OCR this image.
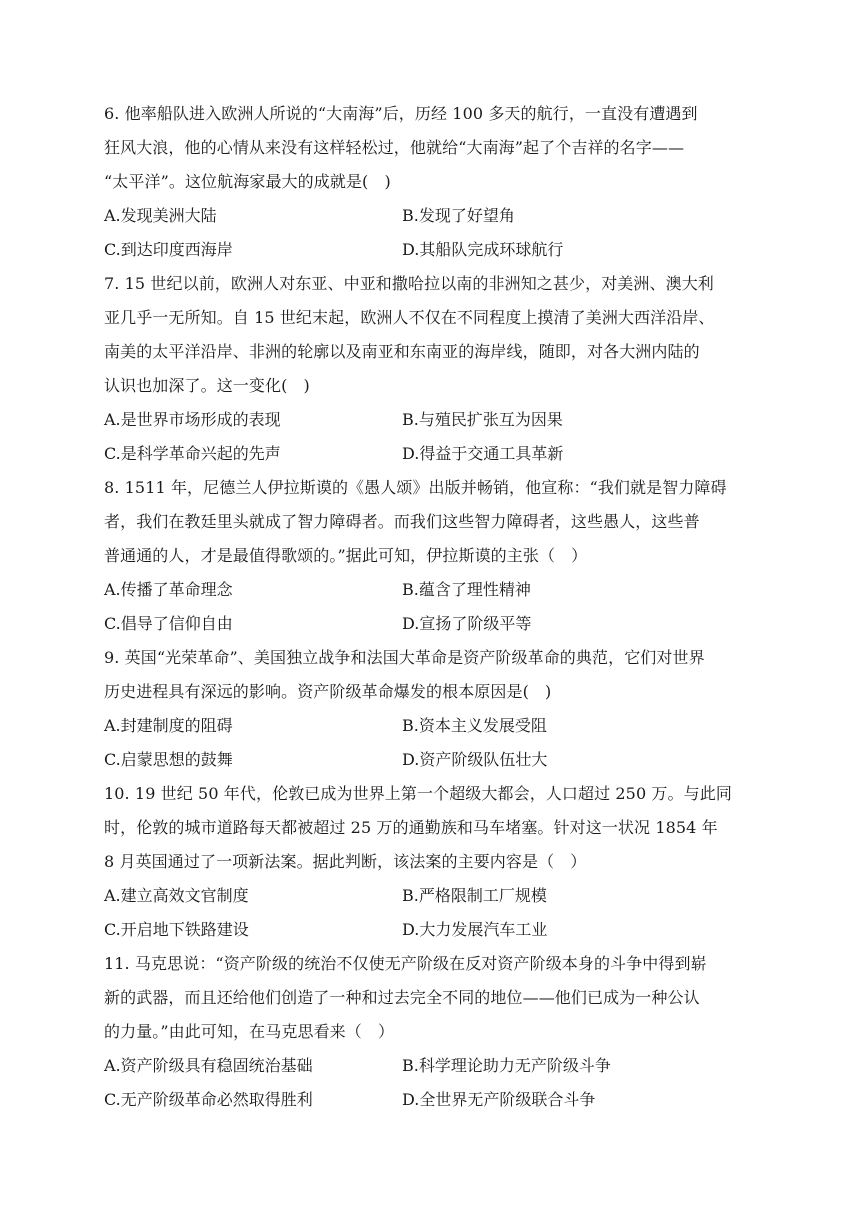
6. 他率船队进入欧洲人所说的“大南海”后，历经 100 多天的航行，一直没有遭遇到
狂风大浪，他的心情从来没有这样轻松过，他就给“大南海”起了个吉祥的名字——
“太平洋”。这位航海家最大的成就是(　)
A.发现美洲大陆	B.发现了好望角
C.到达印度西海岸	D.其船队完成环球航行
7. 15 世纪以前，欧洲人对东亚、中亚和撒哈拉以南的非洲知之甚少，对美洲、澳大利
亚几乎一无所知。自 15 世纪末起，欧洲人不仅在不同程度上摸清了美洲大西洋沿岸、
南美的太平洋沿岸、非洲的轮廓以及南亚和东南亚的海岸线，随即，对各大洲内陆的
认识也加深了。这一变化(　)
A.是世界市场形成的表现	B.与殖民扩张互为因果
C.是科学革命兴起的先声	D.得益于交通工具革新
8. 1511 年，尼德兰人伊拉斯谟的《愚人颂》出版并畅销，他宣称：“我们就是智力障碍
者，我们在教廷里头就成了智力障碍者。而我们这些智力障碍者，这些愚人，这些普
普通通的人，才是最值得歌颂的。”据此可知，伊拉斯谟的主张（　）
A.传播了革命理念	B.蕴含了理性精神
C.倡导了信仰自由	D.宣扬了阶级平等
9. 英国“光荣革命”、美国独立战争和法国大革命是资产阶级革命的典范，它们对世界
历史进程具有深远的影响。资产阶级革命爆发的根本原因是(　)
A.封建制度的阻碍	B.资本主义发展受阻
C.启蒙思想的鼓舞	D.资产阶级队伍壮大
10. 19 世纪 50 年代，伦敦已成为世界上第一个超级大都会，人口超过 250 万。与此同
时，伦敦的城市道路每天都被超过 25 万的通勤族和马车堵塞。针对这一状况 1854 年
8 月英国通过了一项新法案。据此判断，该法案的主要内容是（　）
A.建立高效文官制度	B.严格限制工厂规模
C.开启地下铁路建设	D.大力发展汽车工业
11. 马克思说：“资产阶级的统治不仅使无产阶级在反对资产阶级本身的斗争中得到崭
新的武器，而且还给他们创造了一种和过去完全不同的地位——他们已成为一种公认
的力量。”由此可知，在马克思看来（　）
A.资产阶级具有稳固统治基础	B.科学理论助力无产阶级斗争
C.无产阶级革命必然取得胜利	D.全世界无产阶级联合斗争
